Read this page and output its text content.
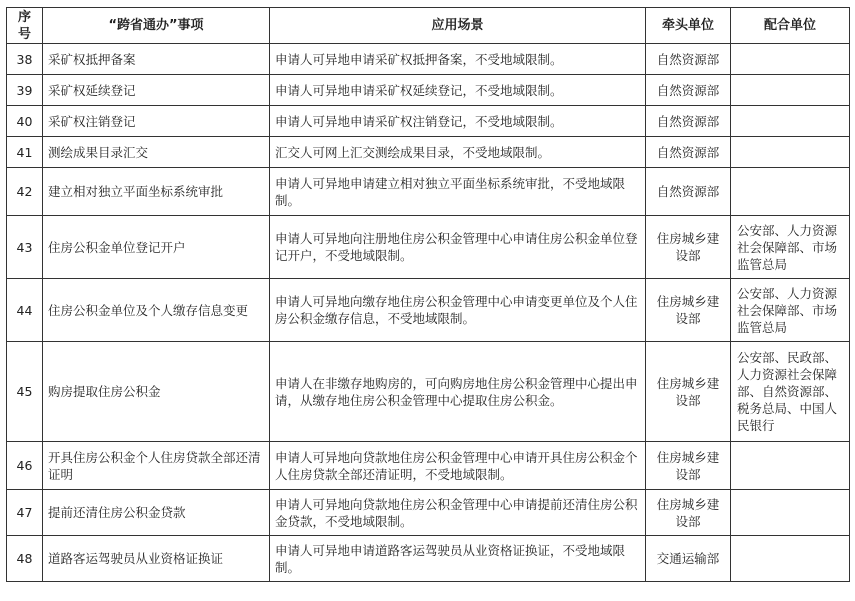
序号	“跨省通办”事项	应用场景	牵头单位	配合单位
38	采矿权抵押备案	申请人可异地申请采矿权抵押备案，不受地域限制。	自然资源部	
39	采矿权延续登记	申请人可异地申请采矿权延续登记，不受地域限制。	自然资源部	
40	采矿权注销登记	申请人可异地申请采矿权注销登记，不受地域限制。	自然资源部	
41	测绘成果目录汇交	汇交人可网上汇交测绘成果目录，不受地域限制。	自然资源部	
42	建立相对独立平面坐标系统审批	申请人可异地申请建立相对独立平面坐标系统审批，不受地域限制。	自然资源部	
43	住房公积金单位登记开户	申请人可异地向注册地住房公积金管理中心申请住房公积金单位登记开户，不受地域限制。	住房城乡建设部	公安部、人力资源社会保障部、市场监管总局
44	住房公积金单位及个人缴存信息变更	申请人可异地向缴存地住房公积金管理中心申请变更单位及个人住房公积金缴存信息，不受地域限制。	住房城乡建设部	公安部、人力资源社会保障部、市场监管总局
45	购房提取住房公积金	申请人在非缴存地购房的，可向购房地住房公积金管理中心提出申请，从缴存地住房公积金管理中心提取住房公积金。	住房城乡建设部	公安部、民政部、人力资源社会保障部、自然资源部、税务总局、中国人民银行
46	开具住房公积金个人住房贷款全部还清证明	申请人可异地向贷款地住房公积金管理中心申请开具住房公积金个人住房贷款全部还清证明，不受地域限制。	住房城乡建设部	
47	提前还清住房公积金贷款	申请人可异地向贷款地住房公积金管理中心申请提前还清住房公积金贷款，不受地域限制。	住房城乡建设部	
48	道路客运驾驶员从业资格证换证	申请人可异地申请道路客运驾驶员从业资格证换证，不受地域限制。	交通运输部	
